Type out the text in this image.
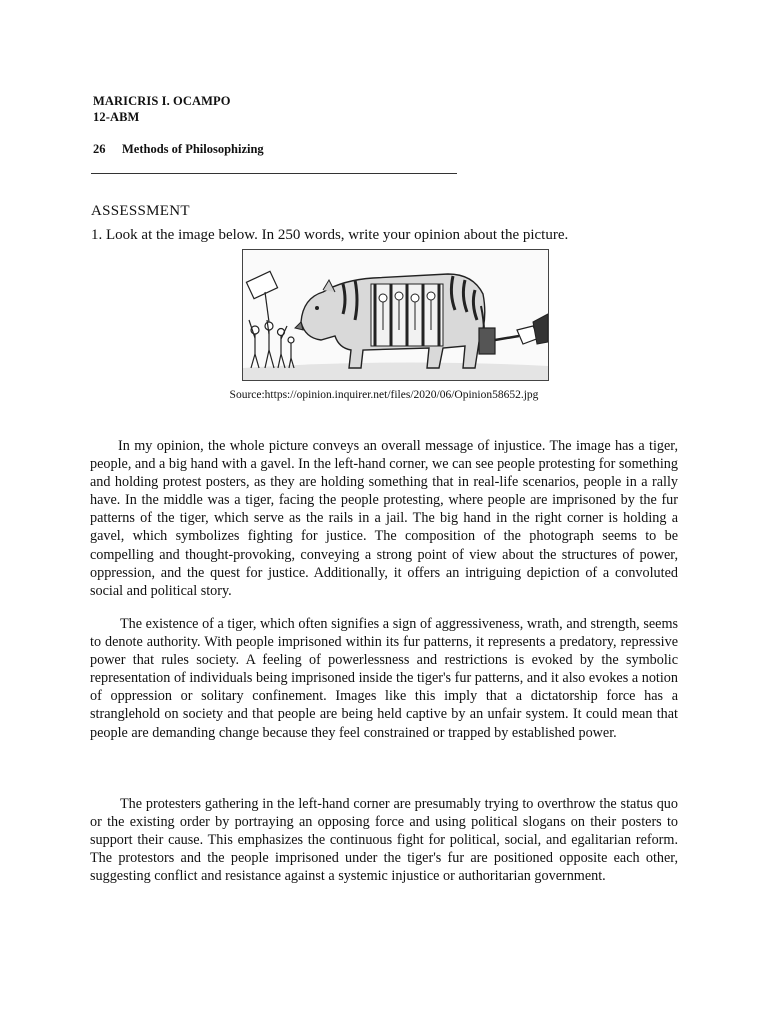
MARICRIS I. OCAMPO
12-ABM
26 Methods of Philosophizing
ASSESSMENT
1. Look at the image below. In 250 words, write your opinion about the picture.
Source:https://opinion.inquirer.net/files/2020/06/Opinion58652.jpg

In my opinion, the whole picture conveys an overall message of injustice. The image has a tiger, people, and a big hand with a gavel. In the left-hand corner, we can see people protesting for something and holding protest posters, as they are holding something that in real-life scenarios, people in a rally have. In the middle was a tiger, facing the people protesting, where people are imprisoned by the fur patterns of the tiger, which serve as the rails in a jail. The big hand in the right corner is holding a gavel, which symbolizes fighting for justice. The composition of the photograph seems to be compelling and thought-provoking, conveying a strong point of view about the structures of power, oppression, and the quest for justice. Additionally, it offers an intriguing depiction of a convoluted social and political story.

The existence of a tiger, which often signifies a sign of aggressiveness, wrath, and strength, seems to denote authority. With people imprisoned within its fur patterns, it represents a predatory, repressive power that rules society. A feeling of powerlessness and restrictions is evoked by the symbolic representation of individuals being imprisoned inside the tiger's fur patterns, and it also evokes a notion of oppression or solitary confinement. Images like this imply that a dictatorship force has a stranglehold on society and that people are being held captive by an unfair system. It could mean that people are demanding change because they feel constrained or trapped by established power.

The protesters gathering in the left-hand corner are presumably trying to overthrow the status quo or the existing order by portraying an opposing force and using political slogans on their posters to support their cause. This emphasizes the continuous fight for political, social, and egalitarian reform. The protestors and the people imprisoned under the tiger's fur are positioned opposite each other, suggesting conflict and resistance against a systemic injustice or authoritarian government.
